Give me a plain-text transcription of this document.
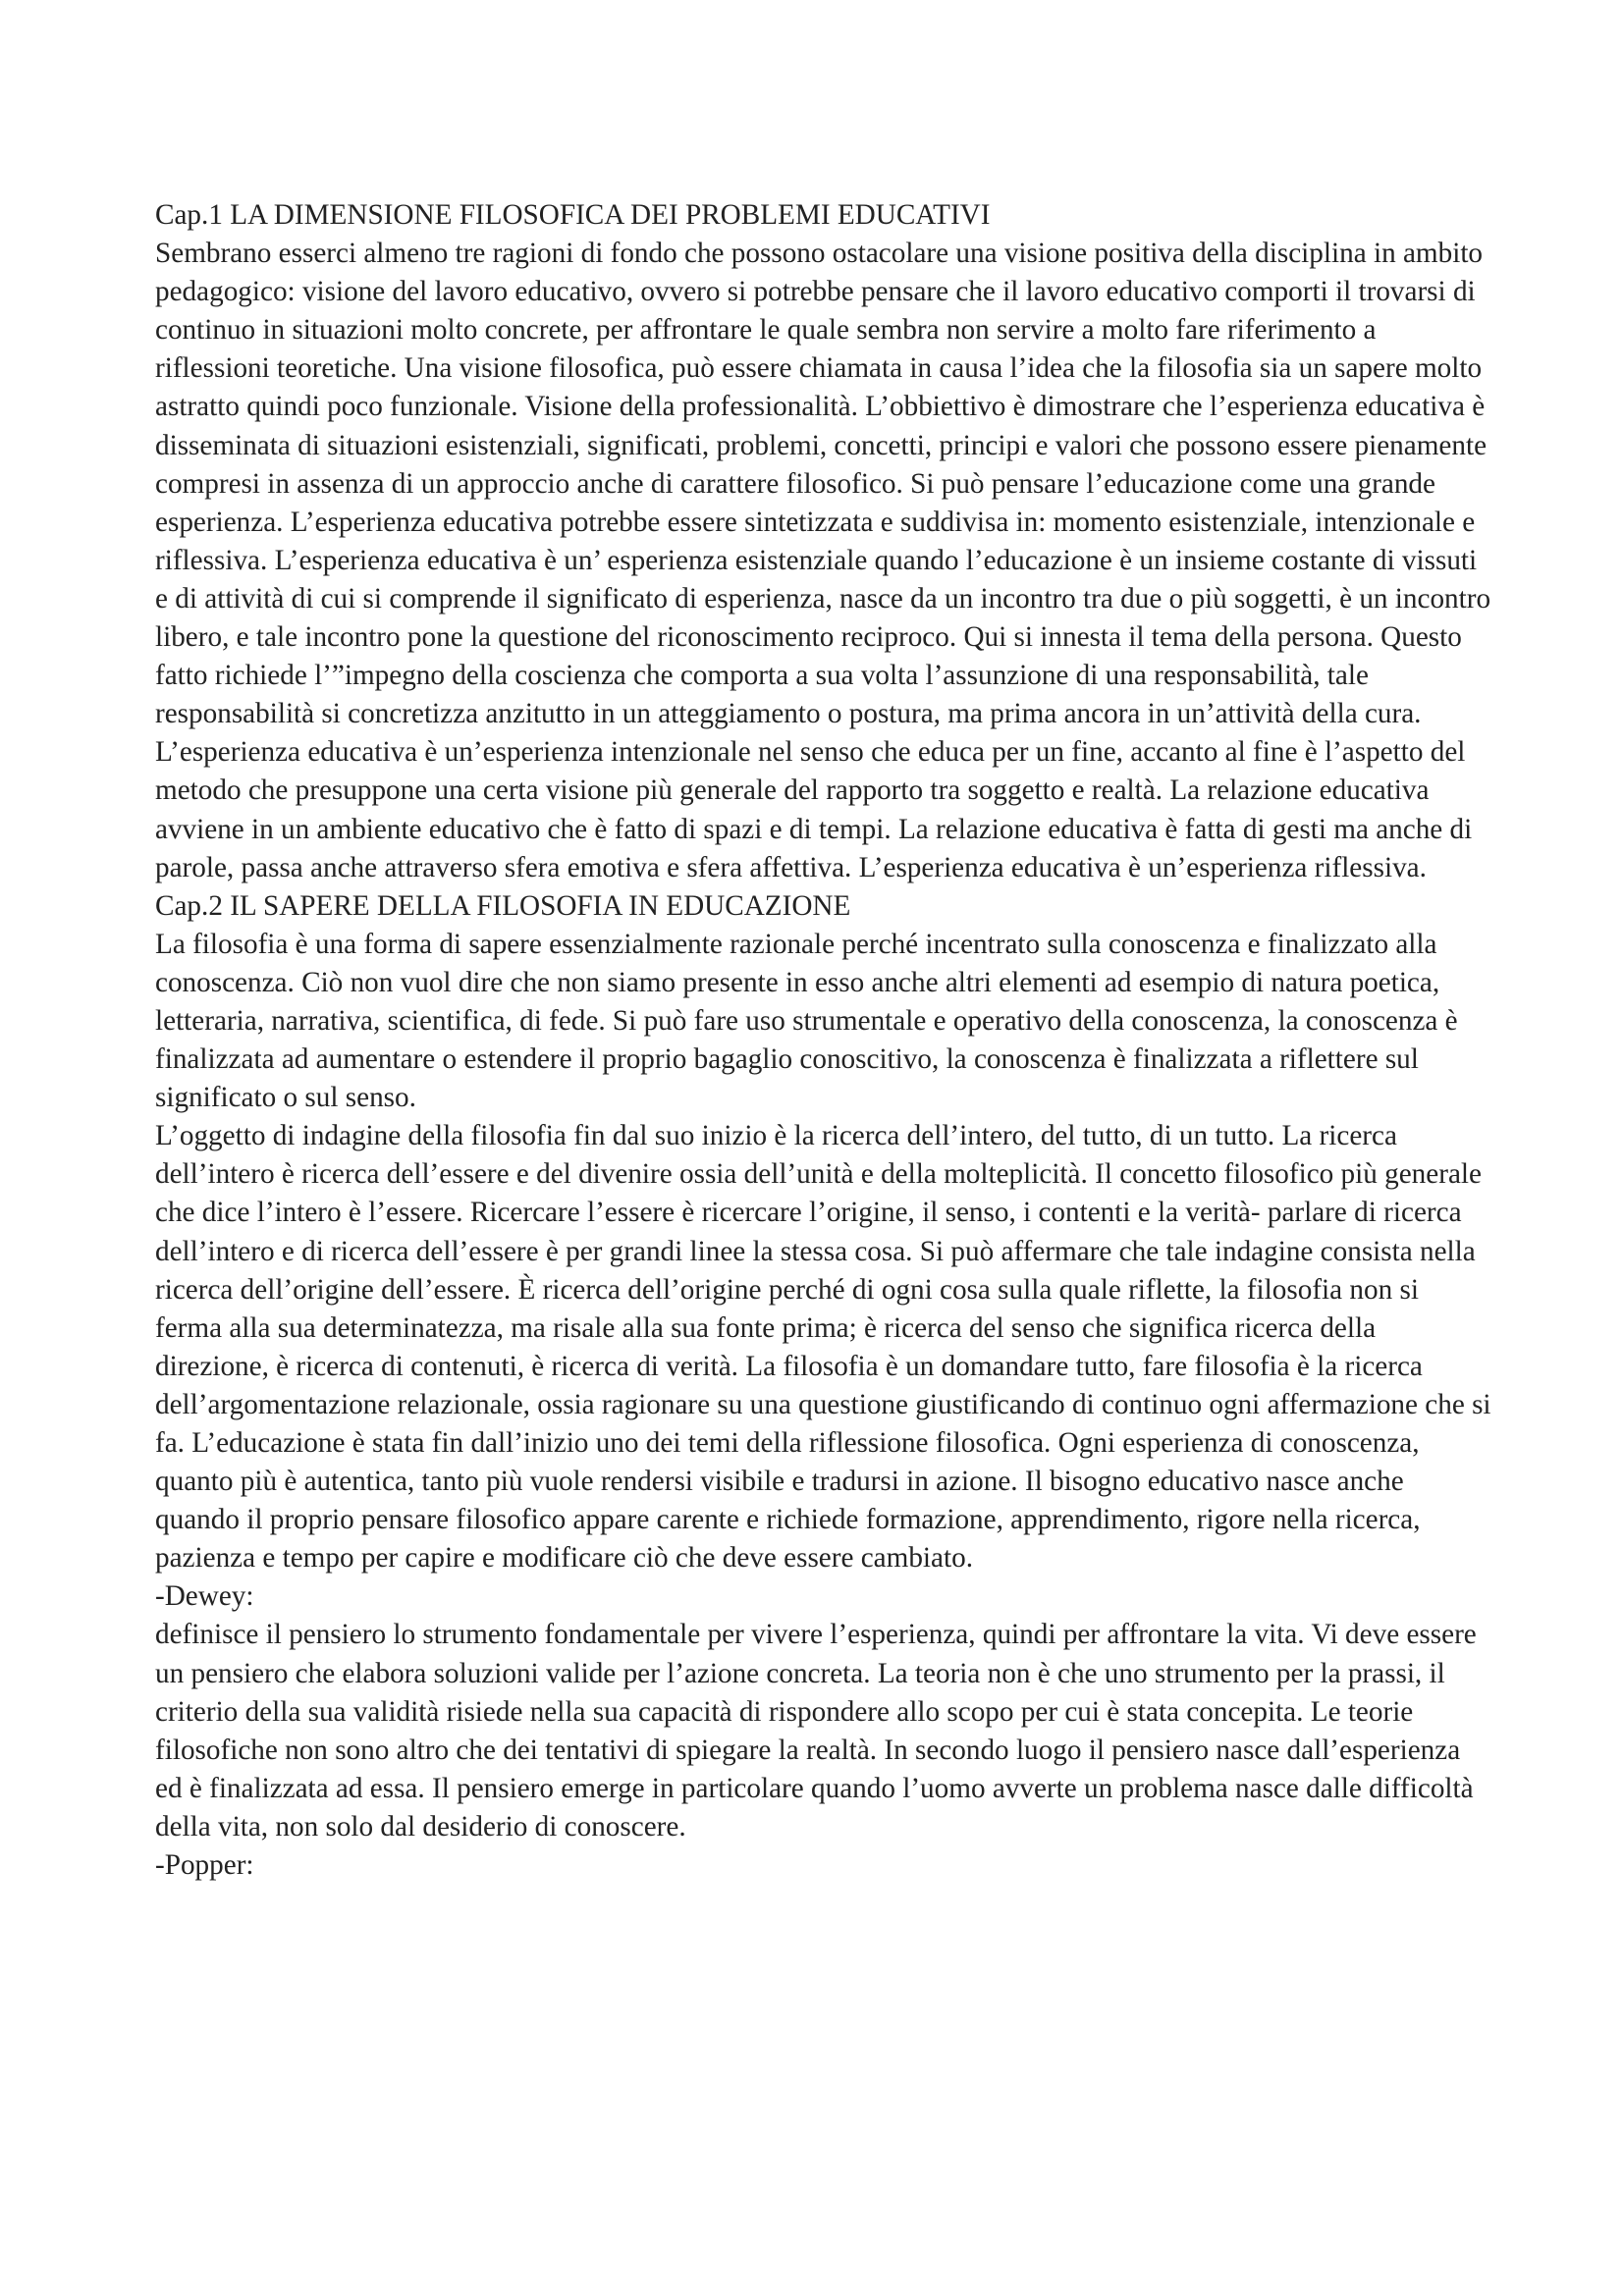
Cap.1 LA DIMENSIONE FILOSOFICA DEI PROBLEMI EDUCATIVI

Sembrano esserci almeno tre ragioni di fondo che possono ostacolare una visione positiva della disciplina in ambito pedagogico: visione del lavoro educativo, ovvero si potrebbe pensare che il lavoro educativo comporti il trovarsi di continuo in situazioni molto concrete, per affrontare le quale sembra non servire a molto fare riferimento a riflessioni teoretiche. Una visione filosofica, può essere chiamata in causa l’idea che la filosofia sia un sapere molto astratto quindi poco funzionale. Visione della professionalità. L’obbiettivo è dimostrare che l’esperienza educativa è disseminata di situazioni esistenziali, significati, problemi, concetti, principi e valori che possono essere pienamente compresi in assenza di un approccio anche di carattere filosofico. Si può pensare l’educazione come una grande esperienza. L’esperienza educativa potrebbe essere sintetizzata e suddivisa in: momento esistenziale, intenzionale e riflessiva. L’esperienza educativa è un’ esperienza esistenziale quando l’educazione è un insieme costante di vissuti e di attività di cui si comprende il significato di esperienza, nasce da un incontro tra due o più soggetti, è un incontro libero, e tale incontro pone la questione del riconoscimento reciproco. Qui si innesta il tema della persona. Questo fatto richiede l’”impegno della coscienza che comporta a sua volta l’assunzione di una responsabilità, tale responsabilità si concretizza anzitutto in un atteggiamento o postura, ma prima ancora in un’attività della cura. L’esperienza educativa è un’esperienza intenzionale nel senso che educa per un fine, accanto al fine è l’aspetto del metodo che presuppone una certa visione più generale del rapporto tra soggetto e realtà. La relazione educativa avviene in un ambiente educativo che è fatto di spazi e di tempi. La relazione educativa è fatta di gesti ma anche di parole, passa anche attraverso sfera emotiva e sfera affettiva. L’esperienza educativa è un’esperienza riflessiva.

Cap.2 IL SAPERE DELLA FILOSOFIA IN EDUCAZIONE

La filosofia è una forma di sapere essenzialmente razionale perché incentrato sulla conoscenza e finalizzato alla conoscenza. Ciò non vuol dire che non siamo presente in esso anche altri elementi ad esempio di natura poetica, letteraria, narrativa, scientifica, di fede. Si può fare uso strumentale e operativo della conoscenza, la conoscenza è finalizzata ad aumentare o estendere il proprio bagaglio conoscitivo, la conoscenza è finalizzata a riflettere sul significato o sul senso.

L’oggetto di indagine della filosofia fin dal suo inizio è la ricerca dell’intero, del tutto, di un tutto. La ricerca dell’intero è ricerca dell’essere e del divenire ossia dell’unità e della molteplicità. Il concetto filosofico più generale che dice l’intero è l’essere. Ricercare l’essere è ricercare l’origine, il senso, i contenti e la verità- parlare di ricerca dell’intero e di ricerca dell’essere è per grandi linee la stessa cosa. Si può affermare che tale indagine consista nella ricerca dell’origine dell’essere. È ricerca dell’origine perché di ogni cosa sulla quale riflette, la filosofia non si ferma alla sua determinatezza, ma risale alla sua fonte prima; è ricerca del senso che significa ricerca della direzione, è ricerca di contenuti, è ricerca di verità. La filosofia è un domandare tutto, fare filosofia è la ricerca dell’argomentazione relazionale, ossia ragionare su una questione giustificando di continuo ogni affermazione che si fa. L’educazione è stata fin dall’inizio uno dei temi della riflessione filosofica. Ogni esperienza di conoscenza, quanto più è autentica, tanto più vuole rendersi visibile e tradursi in azione. Il bisogno educativo nasce anche quando il proprio pensare filosofico appare carente e richiede formazione, apprendimento, rigore nella ricerca, pazienza e tempo per capire e modificare ciò che deve essere cambiato.

-Dewey:

definisce il pensiero lo strumento fondamentale per vivere l’esperienza, quindi per affrontare la vita. Vi deve essere un pensiero che elabora soluzioni valide per l’azione concreta. La teoria non è che uno strumento per la prassi, il criterio della sua validità risiede nella sua capacità di rispondere allo scopo per cui è stata concepita. Le teorie filosofiche non sono altro che dei tentativi di spiegare la realtà. In secondo luogo il pensiero nasce dall’esperienza ed è finalizzata ad essa. Il pensiero emerge in particolare quando l’uomo avverte un problema nasce dalle difficoltà della vita, non solo dal desiderio di conoscere.

-Popper:
